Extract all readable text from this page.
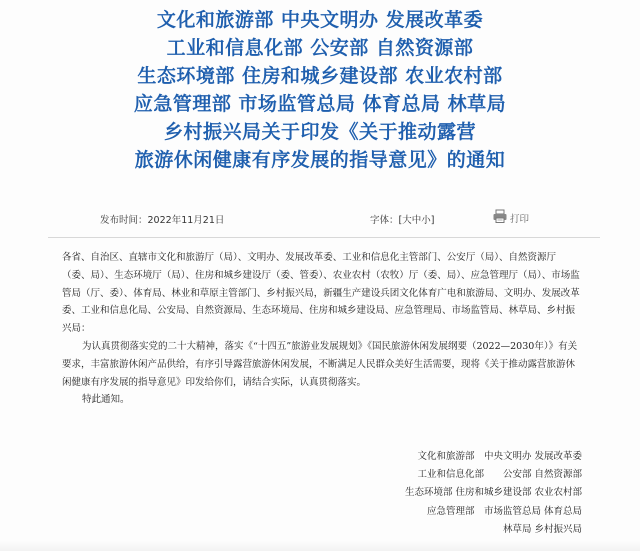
文化和旅游部 中央文明办 发展改革委
工业和信息化部 公安部 自然资源部
生态环境部 住房和城乡建设部 农业农村部
应急管理部 市场监管总局 体育总局 林草局
乡村振兴局关于印发《关于推动露营
旅游休闲健康有序发展的指导意见》的通知
发布时间：2022年11月21日	字体：[大中小]	打印

各省、自治区、直辖市文化和旅游厅（局）、文明办、发展改革委、工业和信息化主管部门、公安厅（局）、自然资源厅（委、局）、生态环境厅（局）、住房和城乡建设厅（委、管委）、农业农村（农牧）厅（委、局）、应急管理厅（局）、市场监管局（厅、委）、体育局、林业和草原主管部门、乡村振兴局，新疆生产建设兵团文化体育广电和旅游局、文明办、发展改革委、工业和信息化局、公安局、自然资源局、生态环境局、住房和城乡建设局、应急管理局、市场监管局、林草局、乡村振兴局：

为认真贯彻落实党的二十大精神，落实《“十四五”旅游业发展规划》《国民旅游休闲发展纲要（2022—2030年）》有关要求，丰富旅游休闲产品供给，有序引导露营旅游休闲发展，不断满足人民群众美好生活需要，现将《关于推动露营旅游休闲健康有序发展的指导意见》印发给你们，请结合实际，认真贯彻落实。

特此通知。

文化和旅游部　中央文明办 发展改革委
工业和信息化部　　公安部 自然资源部
生态环境部 住房和城乡建设部 农业农村部
应急管理部　市场监管总局 体育总局
林草局 乡村振兴局
